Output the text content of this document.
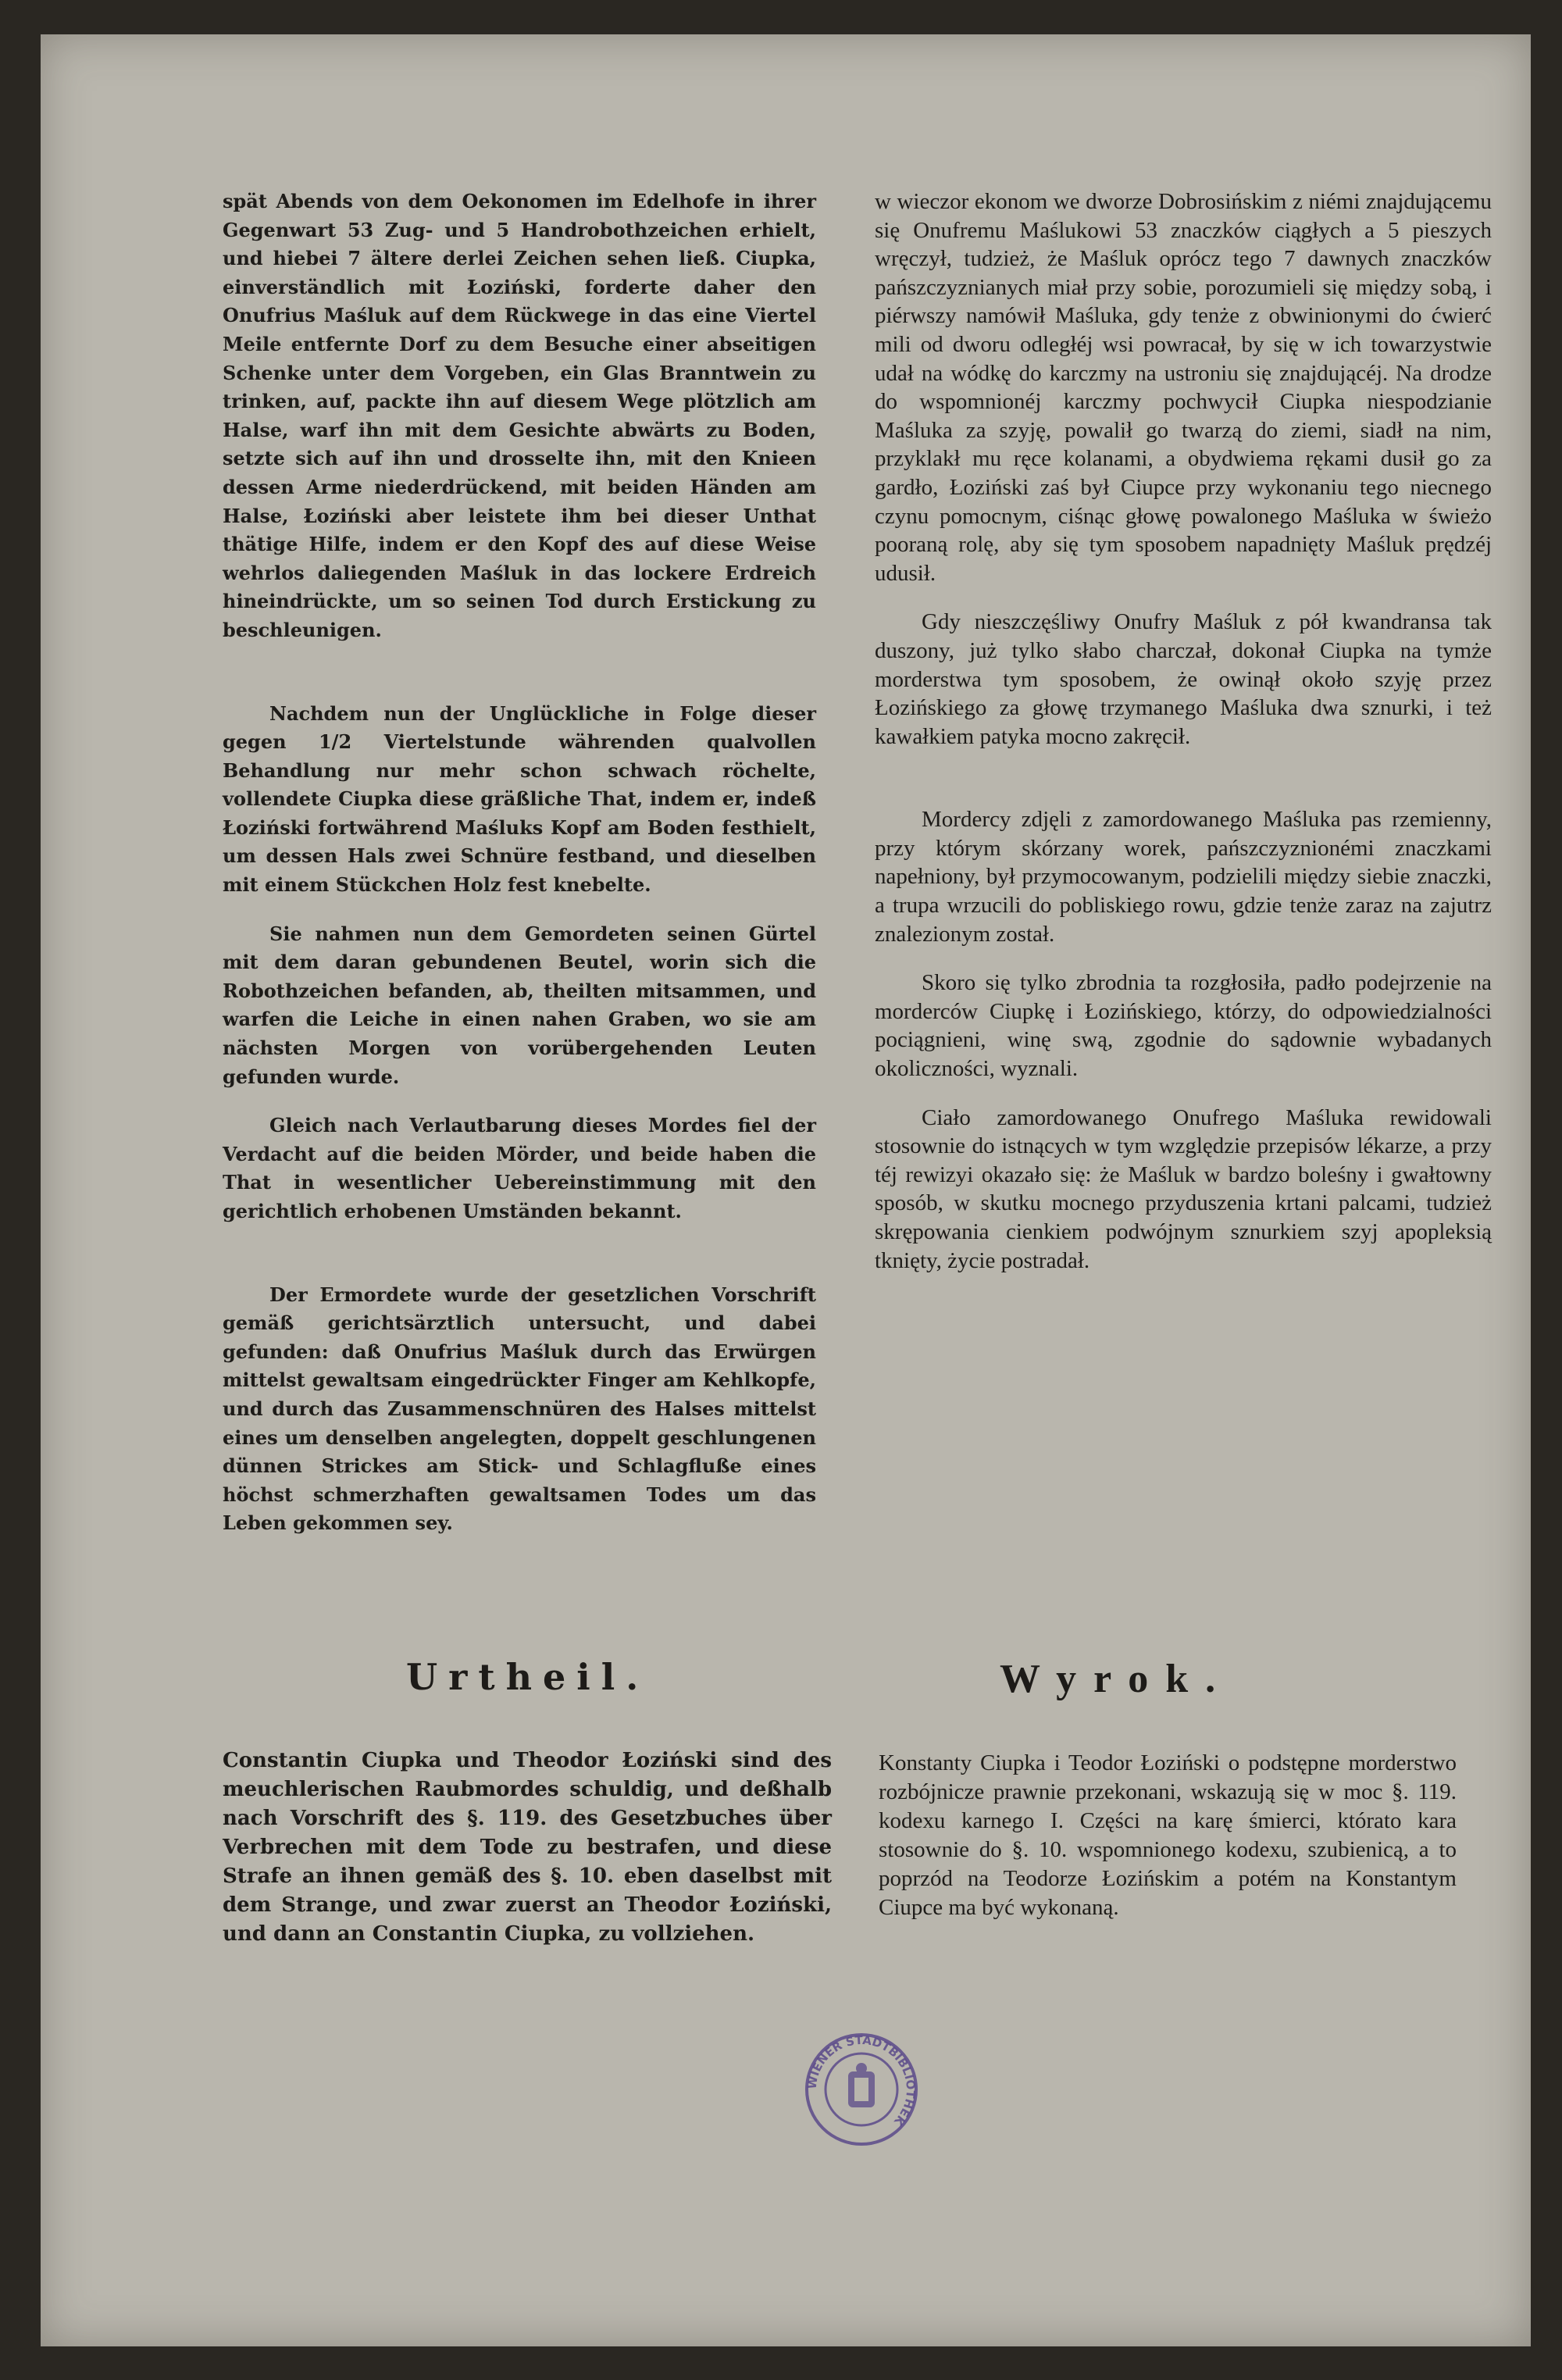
spät Abends von dem Oekonomen im Edelhofe in ihrer Gegenwart 53 Zug- und 5 Handrobothzeichen erhielt, und hiebei 7 ältere derlei Zeichen sehen ließ. Ciupka, einverständlich mit Łoziński, forderte daher den Onufrius Maśluk auf dem Rückwege in das eine Viertel Meile entfernte Dorf zu dem Besuche einer abseitigen Schenke unter dem Vorgeben, ein Glas Branntwein zu trinken, auf, packte ihn auf diesem Wege plötzlich am Halse, warf ihn mit dem Gesichte abwärts zu Boden, setzte sich auf ihn und drosselte ihn, mit den Knieen dessen Arme niederdrückend, mit beiden Händen am Halse, Łoziński aber leistete ihm bei dieser Unthat thätige Hilfe, indem er den Kopf des auf diese Weise wehrlos daliegenden Maśluk in das lockere Erdreich hineindrückte, um so seinen Tod durch Erstickung zu beschleunigen.

Nachdem nun der Unglückliche in Folge dieser gegen 1/2 Viertelstunde währenden qualvollen Behandlung nur mehr schon schwach röchelte, vollendete Ciupka diese gräßliche That, indem er, indeß Łoziński fortwährend Maśluks Kopf am Boden festhielt, um dessen Hals zwei Schnüre festband, und dieselben mit einem Stückchen Holz fest knebelte.

Sie nahmen nun dem Gemordeten seinen Gürtel mit dem daran gebundenen Beutel, worin sich die Robothzeichen befanden, ab, theilten mitsammen, und warfen die Leiche in einen nahen Graben, wo sie am nächsten Morgen von vorübergehenden Leuten gefunden wurde.

Gleich nach Verlautbarung dieses Mordes fiel der Verdacht auf die beiden Mörder, und beide haben die That in wesentlicher Uebereinstimmung mit den gerichtlich erhobenen Umständen bekannt.

Der Ermordete wurde der gesetzlichen Vorschrift gemäß gerichtsärztlich untersucht, und dabei gefunden: daß Onufrius Maśluk durch das Erwürgen mittelst gewaltsam eingedrückter Finger am Kehlkopfe, und durch das Zusammenschnüren des Halses mittelst eines um denselben angelegten, doppelt geschlungenen dünnen Strickes am Stick- und Schlagfluße eines höchst schmerzhaften gewaltsamen Todes um das Leben gekommen sey.

w wieczor ekonom we dworze Dobrosińskim z niémi znajdującemu się Onufremu Maślukowi 53 znaczków ciągłych a 5 pieszych wręczył, tudzież, że Maśluk oprócz tego 7 dawnych znaczków pańszczyznianych miał przy sobie, porozumieli się między sobą, i piérwszy namówił Maśluka, gdy tenże z obwinionymi do ćwierć mili od dworu odległéj wsi powracał, by się w ich towarzystwie udał na wódkę do karczmy na ustroniu się znajdującéj. Na drodze do wspomnionéj karczmy pochwycił Ciupka niespodzianie Maśluka za szyję, powalił go twarzą do ziemi, siadł na nim, przyklakł mu ręce kolanami, a obydwiema rękami dusił go za gardło, Łoziński zaś był Ciupce przy wykonaniu tego niecnego czynu pomocnym, ciśnąc głowę powalonego Maśluka w świeżo pooraną rolę, aby się tym sposobem napadnięty Maśluk prędzéj udusił.

Gdy nieszczęśliwy Onufry Maśluk z pół kwandransa tak duszony, już tylko słabo charczał, dokonał Ciupka na tymże morderstwa tym sposobem, że owinął około szyję przez Łozińskiego za głowę trzymanego Maśluka dwa sznurki, i też kawałkiem patyka mocno zakręcił.

Mordercy zdjęli z zamordowanego Maśluka pas rzemienny, przy którym skórzany worek, pańszczyznionémi znaczkami napełniony, był przymocowanym, podzielili między siebie znaczki, a trupa wrzucili do pobliskiego rowu, gdzie tenże zaraz na zajutrz znalezionym został.

Skoro się tylko zbrodnia ta rozgłosiła, padło podejrzenie na morderców Ciupkę i Łozińskiego, którzy, do odpowiedzialności pociągnieni, winę swą, zgodnie do sądownie wybadanych okoliczności, wyznali.

Ciało zamordowanego Onufrego Maśluka rewidowali stosownie do istnących w tym względzie przepisów lékarze, a przy téj rewizyi okazało się: że Maśluk w bardzo boleśny i gwałtowny sposób, w skutku mocnego przyduszenia krtani palcami, tudzież skrępowania cienkiem podwójnym sznurkiem szyj apopleksią tknięty, życie postradał.

Urtheil.	Wyrok.

Constantin Ciupka und Theodor Łoziński sind des meuchlerischen Raubmordes schuldig, und deßhalb nach Vorschrift des §. 119. des Gesetzbuches über Verbrechen mit dem Tode zu bestrafen, und diese Strafe an ihnen gemäß des §. 10. eben daselbst mit dem Strange, und zwar zuerst an Theodor Łoziński, und dann an Constantin Ciupka, zu vollziehen.

Konstanty Ciupka i Teodor Łoziński o podstępne morderstwo rozbójnicze prawnie przekonani, wskazują się w moc §. 119. kodexu karnego I. Części na karę śmierci, którato kara stosownie do §. 10. wspomnionego kodexu, szubienicą, a to poprzód na Teodorze Łozińskim a potém na Konstantym Ciupce ma być wykonaną.

WIENER STADTBIBLIOTHEK
